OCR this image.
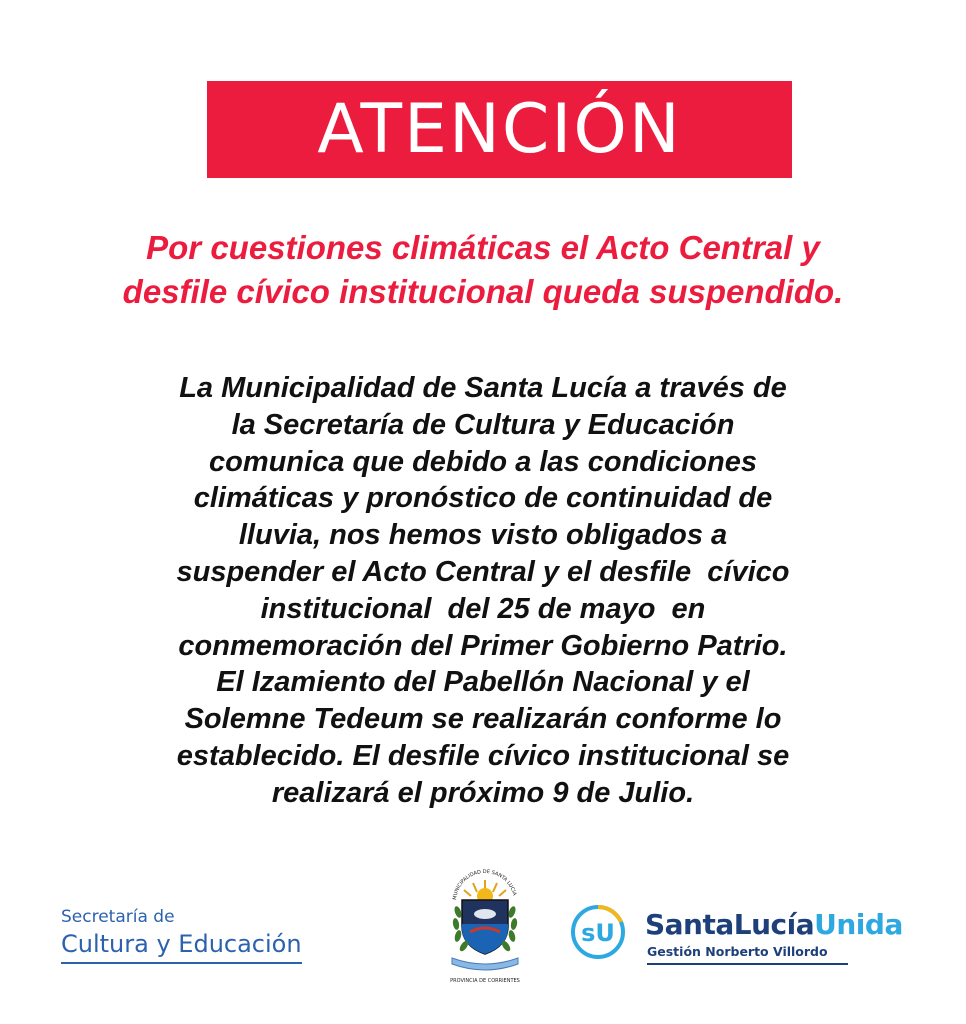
ATENCIÓN
Por cuestiones climáticas el Acto Central y
desfile cívico institucional queda suspendido.
La Municipalidad de Santa Lucía a través de
la Secretaría de Cultura y Educación
comunica que debido a las condiciones
climáticas y pronóstico de continuidad de
lluvia, nos hemos visto obligados a
suspender el Acto Central y el desfile  cívico
institucional  del 25 de mayo  en
conmemoración del Primer Gobierno Patrio.
El Izamiento del Pabellón Nacional y el
Solemne Tedeum se realizarán conforme lo
establecido. El desfile cívico institucional se
realizará el próximo 9 de Julio.
Secretaría de
Cultura y Educación
MUNICIPALIDAD DE SANTA LUCIA
PROVINCIA DE CORRIENTES
sU SantaLucíaUnida
Gestión Norberto Villordo
